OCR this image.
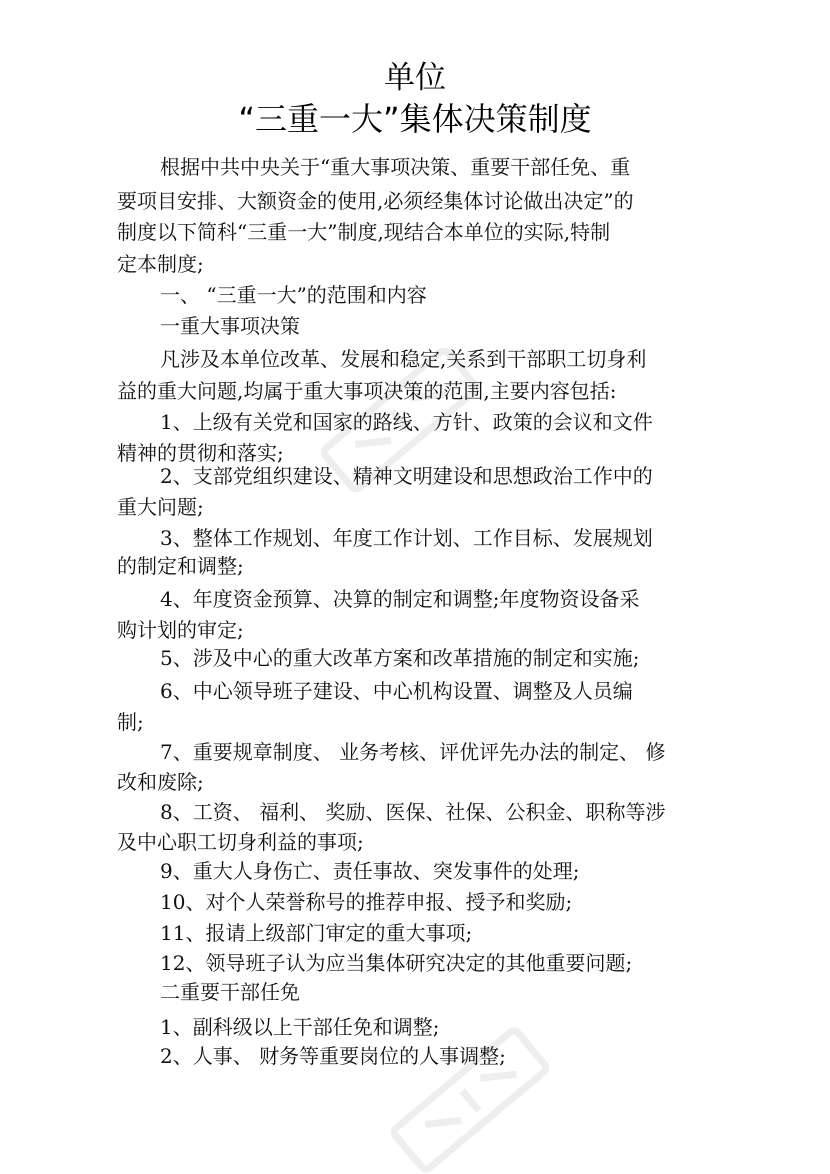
单位
“三重一大”集体决策制度
根据中共中央关于“重大事项决策、重要干部任免、重
要项目安排、大额资金的使用,必须经集体讨论做出决定”的
制度以下简科“三重一大”制度,现结合本单位的实际,特制
定本制度;
一、 “三重一大”的范围和内容
一重大事项决策
凡涉及本单位改革、发展和稳定,关系到干部职工切身利
益的重大问题,均属于重大事项决策的范围,主要内容包括:
1、上级有关党和国家的路线、方针、政策的会议和文件
精神的贯彻和落实;
2、支部党组织建设、精神文明建设和思想政治工作中的
重大问题;
3、整体工作规划、年度工作计划、工作目标、发展规划
的制定和调整;
4、年度资金预算、决算的制定和调整;年度物资设备采
购计划的审定;
5、涉及中心的重大改革方案和改革措施的制定和实施;
6、中心领导班子建设、中心机构设置、调整及人员编
制;
7、重要规章制度、 业务考核、评优评先办法的制定、 修
改和废除;
8、工资、 福利、 奖励、医保、社保、公积金、职称等涉
及中心职工切身利益的事项;
9、重大人身伤亡、责任事故、突发事件的处理;
10、对个人荣誉称号的推荐申报、授予和奖励;
11、报请上级部门审定的重大事项;
12、领导班子认为应当集体研究决定的其他重要问题;
二重要干部任免
1、副科级以上干部任免和调整;
2、人事、 财务等重要岗位的人事调整;
